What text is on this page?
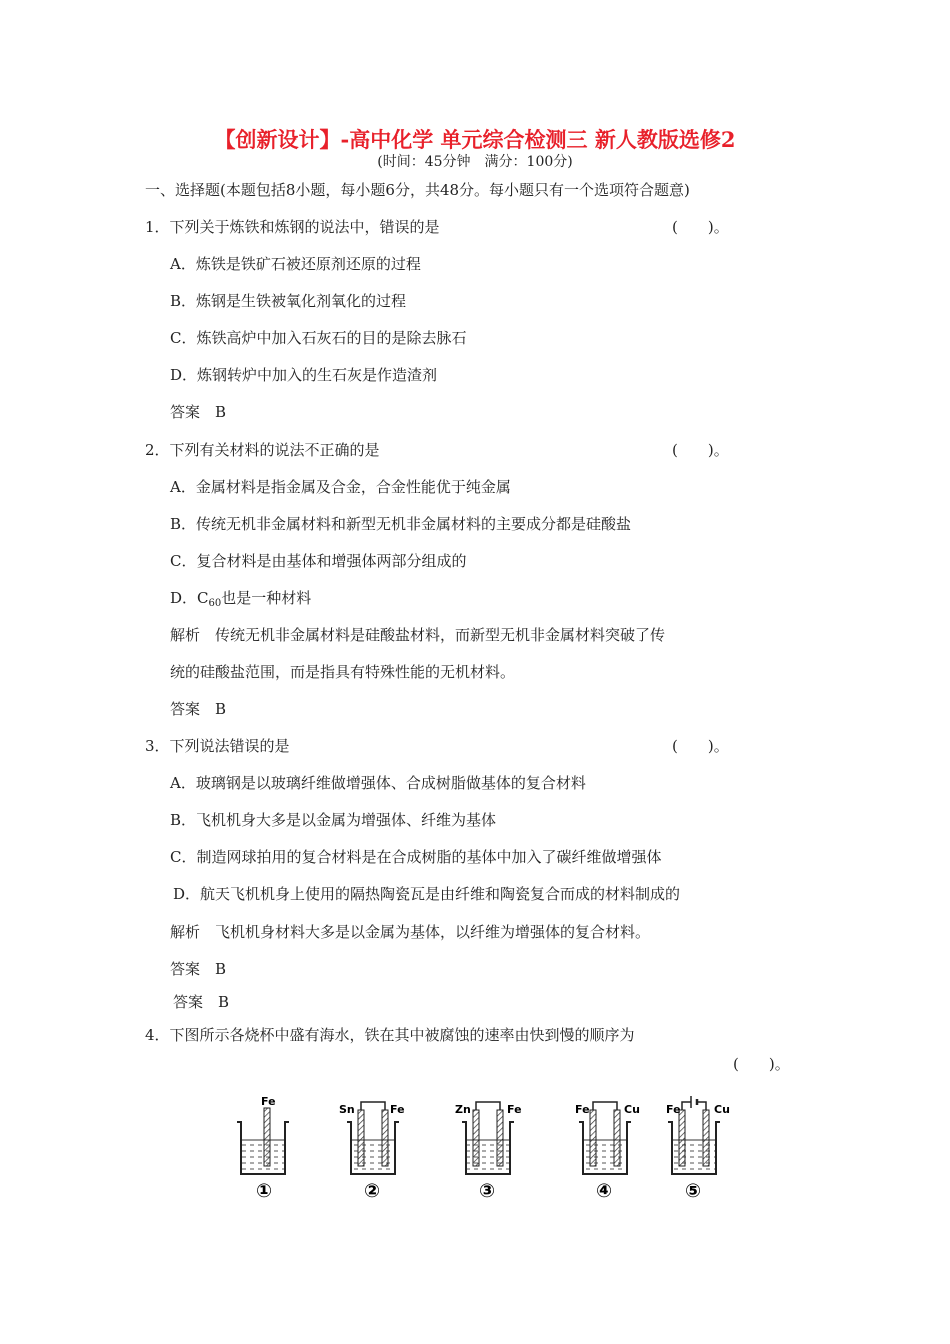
【创新设计】-高中化学 单元综合检测三 新人教版选修2
(时间：45分钟　满分：100分)
一、选择题(本题包括8小题，每小题6分，共48分。每小题只有一个选项符合题意)
1．下列关于炼铁和炼钢的说法中，错误的是	(　　)。
A．炼铁是铁矿石被还原剂还原的过程
B．炼钢是生铁被氧化剂氧化的过程
C．炼铁高炉中加入石灰石的目的是除去脉石
D．炼钢转炉中加入的生石灰是作造渣剂
答案　B
2．下列有关材料的说法不正确的是	(　　)。
A．金属材料是指金属及合金，合金性能优于纯金属
B．传统无机非金属材料和新型无机非金属材料的主要成分都是硅酸盐
C．复合材料是由基体和增强体两部分组成的
D．$C_{60}$也是一种材料
解析　传统无机非金属材料是硅酸盐材料，而新型无机非金属材料突破了传
统的硅酸盐范围，而是指具有特殊性能的无机材料。
答案　B
3．下列说法错误的是	(　　)。
A．玻璃钢是以玻璃纤维做增强体、合成树脂做基体的复合材料
B．飞机机身大多是以金属为增强体、纤维为基体
C．制造网球拍用的复合材料是在合成树脂的基体中加入了碳纤维做增强体
D．航天飞机机身上使用的隔热陶瓷瓦是由纤维和陶瓷复合而成的材料制成的
解析　飞机机身材料大多是以金属为基体，以纤维为增强体的复合材料。
答案　B
答案　B
4．下图所示各烧杯中盛有海水，铁在其中被腐蚀的速率由快到慢的顺序为
(　　)。
Fe
①
Sn	Fe
②
Zn	Fe
③
Fe	Cu
④
Fe	Cu
⑤
